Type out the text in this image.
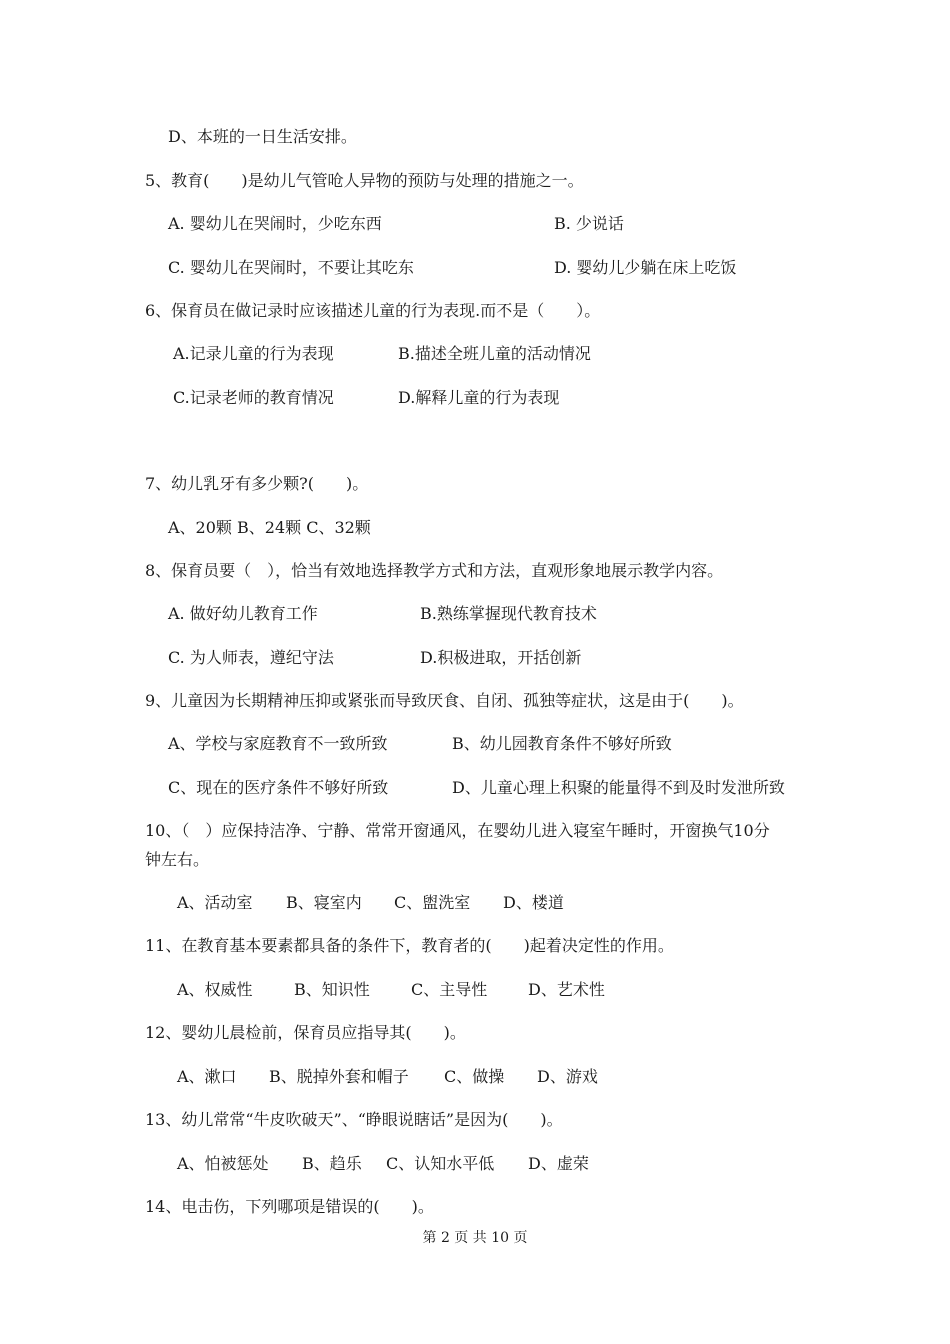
D、本班的一日生活安排。
5、教育(　　)是幼儿气管呛人异物的预防与处理的措施之一。
A. 婴幼儿在哭闹时，少吃东西	B. 少说话
C. 婴幼儿在哭闹时，不要让其吃东	D. 婴幼儿少躺在床上吃饭
6、保育员在做记录时应该描述儿童的行为表现.而不是（　　）。
A.记录儿童的行为表现	B.描述全班儿童的活动情况
C.记录老师的教育情况	D.解释儿童的行为表现
7、幼儿乳牙有多少颗?(　　)。
A、20颗 B、24颗 C、32颗
8、保育员要（　），恰当有效地选择教学方式和方法，直观形象地展示教学内容。
A. 做好幼儿教育工作	B.熟练掌握现代教育技术
C. 为人师表，遵纪守法	D.积极进取，开括创新
9、儿童因为长期精神压抑或紧张而导致厌食、自闭、孤独等症状，这是由于(　　)。
A、学校与家庭教育不一致所致	B、幼儿园教育条件不够好所致
C、现在的医疗条件不够好所致	D、儿童心理上积聚的能量得不到及时发泄所致
10、（　）应保持洁净、宁静、常常开窗通风，在婴幼儿进入寝室午睡时，开窗换气10分
钟左右。
A、活动室 B、寝室内 C、盥洗室 D、楼道
11、在教育基本要素都具备的条件下，教育者的(　　)起着决定性的作用。
A、权威性	B、知识性	C、主导性	D、艺术性
12、婴幼儿晨检前，保育员应指导其(　　)。
A、漱口 B、脱掉外套和帽子 C、做操 D、游戏
13、幼儿常常“牛皮吹破天”、“睁眼说瞎话”是因为(　　)。
A、怕被惩处 B、趋乐 C、认知水平低 D、虚荣
14、电击伤，下列哪项是错误的(　　)。
第 2 页 共 10 页
